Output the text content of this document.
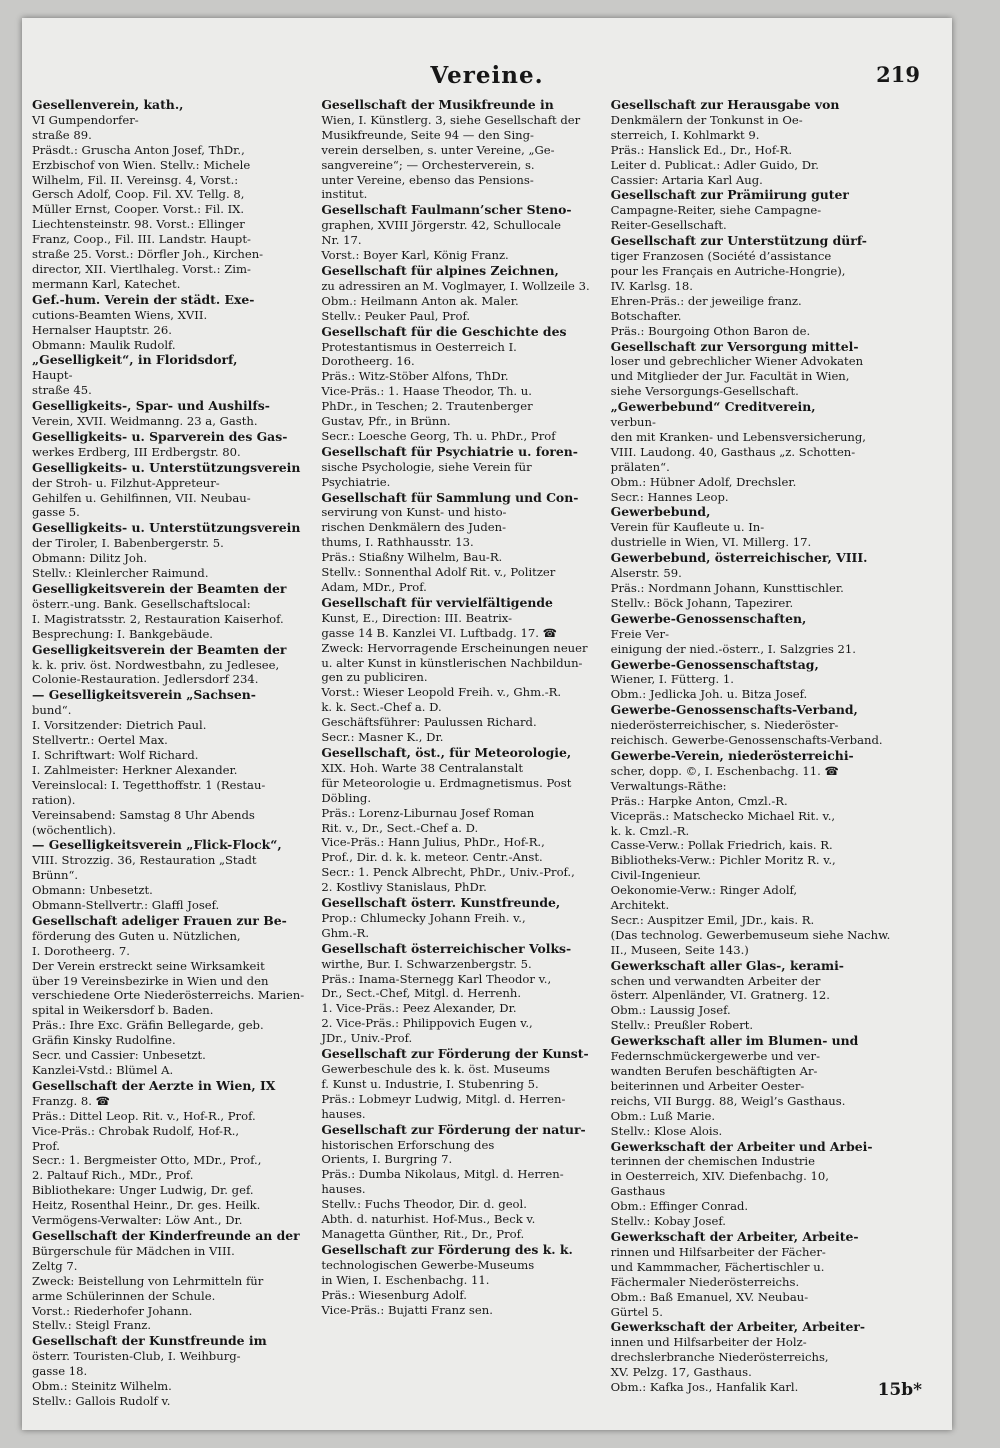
Vereine.	219
Gesellenverein, kath.,
VI Gumpendorfer-
straße 89.
Präsdt.: Gruscha Anton Josef, ThDr.,
Erzbischof von Wien. Stellv.: Michele
Wilhelm, Fil. II. Vereinsg. 4, Vorst.:
Gersch Adolf, Coop. Fil. XV. Tellg. 8,
Müller Ernst, Cooper. Vorst.: Fil. IX.
Liechtensteinstr. 98. Vorst.: Ellinger
Franz, Coop., Fil. III. Landstr. Haupt-
straße 25. Vorst.: Dörfler Joh., Kirchen-
director, XII. Viertlhaleg. Vorst.: Zim-
mermann Karl, Katechet.
Gef.-hum. Verein der städt. Exe-
cutions-Beamten Wiens, XVII.
Hernalser Hauptstr. 26.
Obmann: Maulik Rudolf.
„Geselligkeit“, in Floridsdorf,
Haupt-
straße 45.
Geselligkeits-, Spar- und Aushilfs-
Verein, XVII. Weidmanng. 23 a, Gasth.
Geselligkeits- u. Sparverein des Gas-
werkes Erdberg, III Erdbergstr. 80.
Geselligkeits- u. Unterstützungsverein
der Stroh- u. Filzhut-Appreteur-
Gehilfen u. Gehilfinnen, VII. Neubau-
gasse 5.
Geselligkeits- u. Unterstützungsverein
der Tiroler, I. Babenbergerstr. 5.
Obmann: Dilitz Joh.
Stellv.: Kleinlercher Raimund.
Geselligkeitsverein der Beamten der
österr.-ung. Bank. Gesellschaftslocal:
I. Magistratsstr. 2, Restauration Kaiserhof.
Besprechung: I. Bankgebäude.
Geselligkeitsverein der Beamten der
k. k. priv. öst. Nordwestbahn, zu Jedlesee,
Colonie-Restauration. Jedlersdorf 234.
— Geselligkeitsverein „Sachsen-
bund“.
I. Vorsitzender: Dietrich Paul.
Stellvertr.: Oertel Max.
I. Schriftwart: Wolf Richard.
I. Zahlmeister: Herkner Alexander.
Vereinslocal: I. Tegetthoffstr. 1 (Restau-
ration).
Vereinsabend: Samstag 8 Uhr Abends
(wöchentlich).
— Geselligkeitsverein „Flick-Flock“,
VIII. Strozzig. 36, Restauration „Stadt
Brünn“.
Obmann: Unbesetzt.
Obmann-Stellvertr.: Glaffl Josef.
Gesellschaft adeliger Frauen zur Be-
förderung des Guten u. Nützlichen,
I. Dorotheerg. 7.
Der Verein erstreckt seine Wirksamkeit
über 19 Vereinsbezirke in Wien und den
verschiedene Orte Niederösterreichs. Marien-
spital in Weikersdorf b. Baden.
Präs.: Ihre Exc. Gräfin Bellegarde, geb.
Gräfin Kinsky Rudolfine.
Secr. und Cassier: Unbesetzt.
Kanzlei-Vstd.: Blümel A.
Gesellschaft der Aerzte in Wien, IX
Franzg. 8. ☎
Präs.: Dittel Leop. Rit. v., Hof-R., Prof.
Vice-Präs.: Chrobak Rudolf, Hof-R.,
Prof.
Secr.: 1. Bergmeister Otto, MDr., Prof.,
2. Paltauf Rich., MDr., Prof.
Bibliothekare: Unger Ludwig, Dr. gef.
Heitz, Rosenthal Heinr., Dr. ges. Heilk.
Vermögens-Verwalter: Löw Ant., Dr.
Gesellschaft der Kinderfreunde an der
Bürgerschule für Mädchen in VIII.
Zeltg 7.
Zweck: Beistellung von Lehrmitteln für
arme Schülerinnen der Schule.
Vorst.: Riederhofer Johann.
Stellv.: Steigl Franz.
Gesellschaft der Kunstfreunde im
österr. Touristen-Club, I. Weihburg-
gasse 18.
Obm.: Steinitz Wilhelm.
Stellv.: Gallois Rudolf v.
Gesellschaft der Musikfreunde in
Wien, I. Künstlerg. 3, siehe Gesellschaft der
Musikfreunde, Seite 94 — den Sing-
verein derselben, s. unter Vereine, „Ge-
sangvereine“; — Orchesterverein, s.
unter Vereine, ebenso das Pensions-
institut.
Gesellschaft Faulmann’scher Steno-
graphen, XVIII Jörgerstr. 42, Schullocale
Nr. 17.
Vorst.: Boyer Karl, König Franz.
Gesellschaft für alpines Zeichnen,
zu adressiren an M. Voglmayer, I. Wollzeile 3.
Obm.: Heilmann Anton ak. Maler.
Stellv.: Peuker Paul, Prof.
Gesellschaft für die Geschichte des
Protestantismus in Oesterreich I.
Dorotheerg. 16.
Präs.: Witz-Stöber Alfons, ThDr.
Vice-Präs.: 1. Haase Theodor, Th. u.
PhDr., in Teschen; 2. Trautenberger
Gustav, Pfr., in Brünn.
Secr.: Loesche Georg, Th. u. PhDr., Prof
Gesellschaft für Psychiatrie u. foren-
sische Psychologie, siehe Verein für
Psychiatrie.
Gesellschaft für Sammlung und Con-
servirung von Kunst- und histo-
rischen Denkmälern des Juden-
thums, I. Rathhausstr. 13.
Präs.: Stiaßny Wilhelm, Bau-R.
Stellv.: Sonnenthal Adolf Rit. v., Politzer
Adam, MDr., Prof.
Gesellschaft für vervielfältigende
Kunst, E., Direction: III. Beatrix-
gasse 14 B. Kanzlei VI. Luftbadg. 17. ☎
Zweck: Hervorragende Erscheinungen neuer
u. alter Kunst in künstlerischen Nachbildun-
gen zu publiciren.
Vorst.: Wieser Leopold Freih. v., Ghm.-R.
k. k. Sect.-Chef a. D.
Geschäftsführer: Paulussen Richard.
Secr.: Masner K., Dr.
Gesellschaft, öst., für Meteorologie,
XIX. Hoh. Warte 38 Centralanstalt
für Meteorologie u. Erdmagnetismus. Post
Döbling.
Präs.: Lorenz-Liburnau Josef Roman
Rit. v., Dr., Sect.-Chef a. D.
Vice-Präs.: Hann Julius, PhDr., Hof-R.,
Prof., Dir. d. k. k. meteor. Centr.-Anst.
Secr.: 1. Penck Albrecht, PhDr., Univ.-Prof.,
2. Kostlivy Stanislaus, PhDr.
Gesellschaft österr. Kunstfreunde,
Prop.: Chlumecky Johann Freih. v.,
Ghm.-R.
Gesellschaft österreichischer Volks-
wirthe, Bur. I. Schwarzenbergstr. 5.
Präs.: Inama-Sternegg Karl Theodor v.,
Dr., Sect.-Chef, Mitgl. d. Herrenh.
1. Vice-Präs.: Peez Alexander, Dr.
2. Vice-Präs.: Philippovich Eugen v.,
JDr., Univ.-Prof.
Gesellschaft zur Förderung der Kunst-
Gewerbeschule des k. k. öst. Museums
f. Kunst u. Industrie, I. Stubenring 5.
Präs.: Lobmeyr Ludwig, Mitgl. d. Herren-
hauses.
Gesellschaft zur Förderung der natur-
historischen Erforschung des
Orients, I. Burgring 7.
Präs.: Dumba Nikolaus, Mitgl. d. Herren-
hauses.
Stellv.: Fuchs Theodor, Dir. d. geol.
Abth. d. naturhist. Hof-Mus., Beck v.
Managetta Günther, Rit., Dr., Prof.
Gesellschaft zur Förderung des k. k.
technologischen Gewerbe-Museums
in Wien, I. Eschenbachg. 11.
Präs.: Wiesenburg Adolf.
Vice-Präs.: Bujatti Franz sen.
Gesellschaft zur Herausgabe von
Denkmälern der Tonkunst in Oe-
sterreich, I. Kohlmarkt 9.
Präs.: Hanslick Ed., Dr., Hof-R.
Leiter d. Publicat.: Adler Guido, Dr.
Cassier: Artaria Karl Aug.
Gesellschaft zur Prämiirung guter
Campagne-Reiter, siehe Campagne-
Reiter-Gesellschaft.
Gesellschaft zur Unterstützung dürf-
tiger Franzosen (Société d’assistance
pour les Français en Autriche-Hongrie),
IV. Karlsg. 18.
Ehren-Präs.: der jeweilige franz.
Botschafter.
Präs.: Bourgoing Othon Baron de.
Gesellschaft zur Versorgung mittel-
loser und gebrechlicher Wiener Advokaten
und Mitglieder der Jur. Facultät in Wien,
siehe Versorgungs-Gesellschaft.
„Gewerbebund“ Creditverein,
verbun-
den mit Kranken- und Lebensversicherung,
VIII. Laudong. 40, Gasthaus „z. Schotten-
prälaten“.
Obm.: Hübner Adolf, Drechsler.
Secr.: Hannes Leop.
Gewerbebund,
Verein für Kaufleute u. In-
dustrielle in Wien, VI. Millerg. 17.
Gewerbebund, österreichischer, VIII.
Alserstr. 59.
Präs.: Nordmann Johann, Kunsttischler.
Stellv.: Böck Johann, Tapezirer.
Gewerbe-Genossenschaften,
Freie Ver-
einigung der nied.-österr., I. Salzgries 21.
Gewerbe-Genossenschaftstag,
Wiener, I. Fütterg. 1.
Obm.: Jedlicka Joh. u. Bitza Josef.
Gewerbe-Genossenschafts-Verband,
niederösterreichischer, s. Niederöster-
reichisch. Gewerbe-Genossenschafts-Verband.
Gewerbe-Verein, niederösterreichi-
scher, dopp. ©, I. Eschenbachg. 11. ☎
Verwaltungs-Räthe:
Präs.: Harpke Anton, Cmzl.-R.
Vicepräs.: Matschecko Michael Rit. v.,
k. k. Cmzl.-R.
Casse-Verw.: Pollak Friedrich, kais. R.
Bibliotheks-Verw.: Pichler Moritz R. v.,
Civil-Ingenieur.
Oekonomie-Verw.: Ringer Adolf,
Architekt.
Secr.: Auspitzer Emil, JDr., kais. R.
(Das technolog. Gewerbemuseum siehe Nachw.
II., Museen, Seite 143.)
Gewerkschaft aller Glas-, kerami-
schen und verwandten Arbeiter der
österr. Alpenländer, VI. Gratnerg. 12.
Obm.: Laussig Josef.
Stellv.: Preußler Robert.
Gewerkschaft aller im Blumen- und
Federnschmückergewerbe und ver-
wandten Berufen beschäftigten Ar-
beiterinnen und Arbeiter Oester-
reichs, VII Burgg. 88, Weigl’s Gasthaus.
Obm.: Luß Marie.
Stellv.: Klose Alois.
Gewerkschaft der Arbeiter und Arbei-
terinnen der chemischen Industrie
in Oesterreich, XIV. Diefenbachg. 10,
Gasthaus
Obm.: Effinger Conrad.
Stellv.: Kobay Josef.
Gewerkschaft der Arbeiter, Arbeite-
rinnen und Hilfsarbeiter der Fächer-
und Kammmacher, Fächertischler u.
Fächermaler Niederösterreichs.
Obm.: Baß Emanuel, XV. Neubau-
Gürtel 5.
Gewerkschaft der Arbeiter, Arbeiter-
innen und Hilfsarbeiter der Holz-
drechslerbranche Niederösterreichs,
XV. Pelzg. 17, Gasthaus.
Obm.: Kafka Jos., Hanfalik Karl.	15b*
